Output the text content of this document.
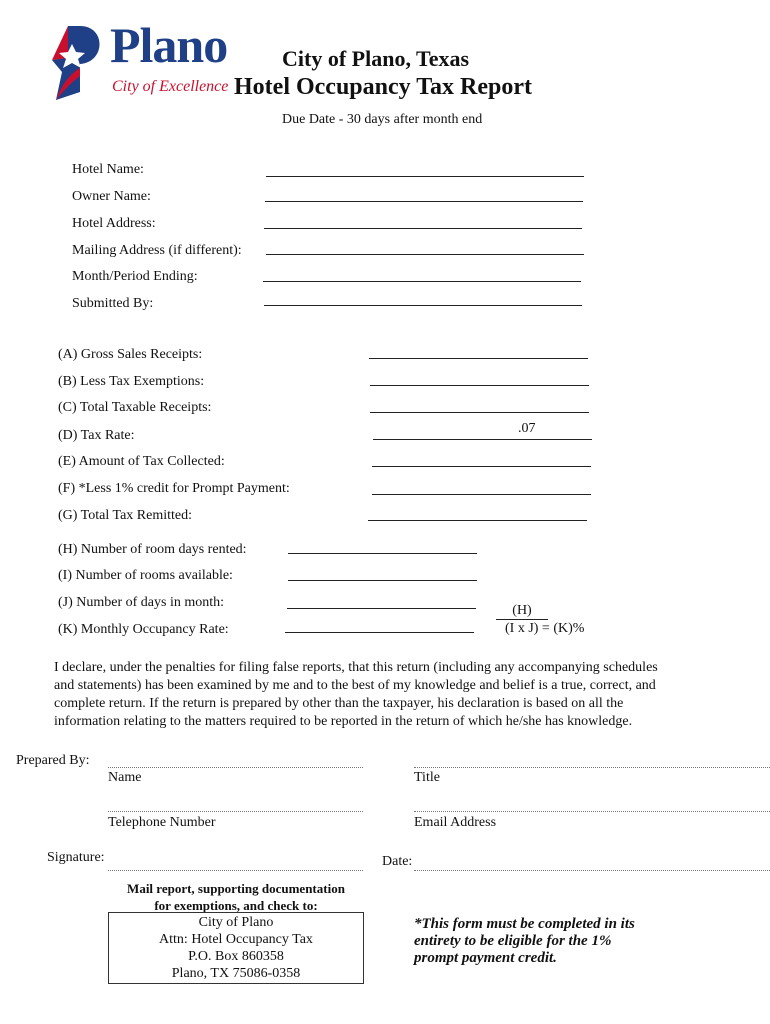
Plano
City of Excellence
City of Plano, Texas
Hotel Occupancy Tax Report
Due Date - 30 days after month end
Hotel Name:
Owner Name:
Hotel Address:
Mailing Address (if different):
Month/Period Ending:
Submitted By:
(A) Gross Sales Receipts:
(B) Less Tax Exemptions:
(C) Total Taxable Receipts:
(D) Tax Rate:	.07
(E) Amount of Tax Collected:
(F) *Less 1% credit for Prompt Payment:
(G) Total Tax Remitted:
(H) Number of room days rented:
(I) Number of rooms available:
(J) Number of days in month:
(K) Monthly Occupancy Rate:
(H)
(I x J) = (K)%
I declare, under the penalties for filing false reports, that this return (including any accompanying schedules
and statements) has been examined by me and to the best of my knowledge and belief is a true, correct, and
complete return. If the return is prepared by other than the taxpayer, his declaration is based on all the
information relating to the matters required to be reported in the return of which he/she has knowledge.
Prepared By:
Name	Title
Telephone Number	Email Address
Signature:	Date:
Mail report, supporting documentation
for exemptions, and check to:
City of Plano
Attn: Hotel Occupancy Tax
P.O. Box 860358
Plano, TX 75086-0358
*This form must be completed in its
entirety to be eligible for the 1%
prompt payment credit.
